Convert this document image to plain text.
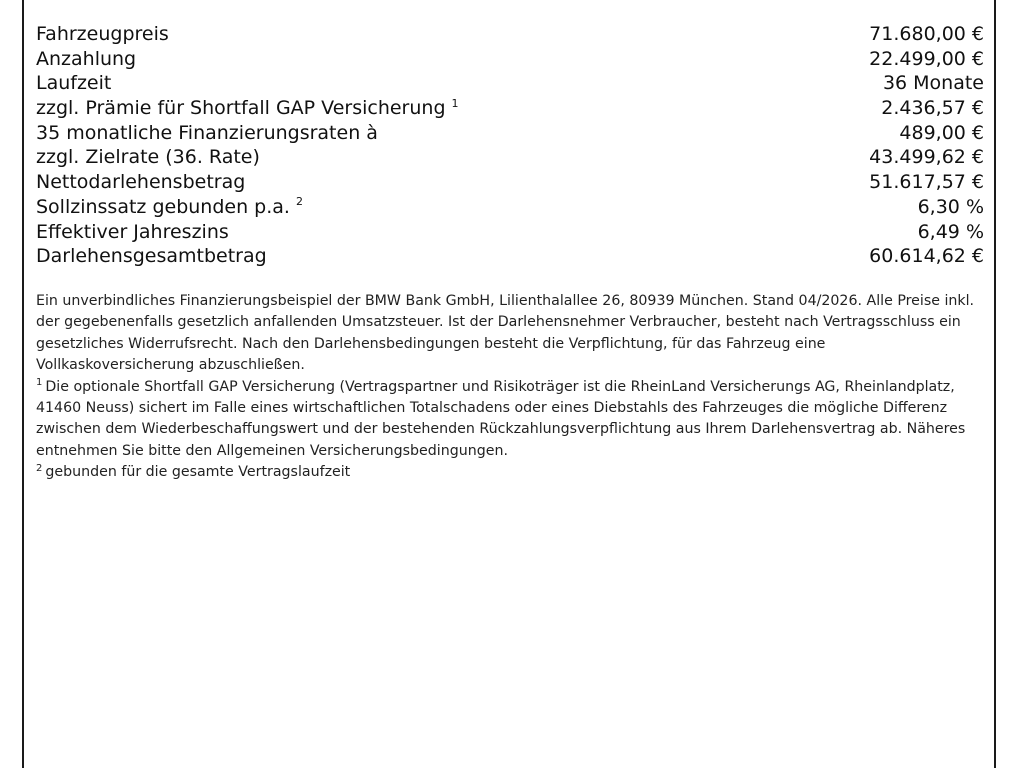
Fahrzeugpreis	71.680,00 €
Anzahlung	22.499,00 €
Laufzeit	36 Monate
zzgl. Prämie für Shortfall GAP Versicherung $^1$	2.436,57 €
35 monatliche Finanzierungsraten à	489,00 €
zzgl. Zielrate (36. Rate)	43.499,62 €
Nettodarlehensbetrag	51.617,57 €
Sollzinssatz gebunden p.a. $^2$	6,30 %
Effektiver Jahreszins	6,49 %
Darlehensgesamtbetrag	60.614,62 €

Ein unverbindliches Finanzierungsbeispiel der BMW Bank GmbH, Lilienthalallee 26, 80939 München. Stand 04/2026. Alle Preise inkl. der gegebenenfalls gesetzlich anfallenden Umsatzsteuer. Ist der Darlehensnehmer Verbraucher, besteht nach Vertragsschluss ein gesetzliches Widerrufsrecht. Nach den Darlehensbedingungen besteht die Verpflichtung, für das Fahrzeug eine Vollkaskoversicherung abzuschließen.

$^1$ Die optionale Shortfall GAP Versicherung (Vertragspartner und Risikoträger ist die RheinLand Versicherungs AG, Rheinlandplatz, 41460 Neuss) sichert im Falle eines wirtschaftlichen Totalschadens oder eines Diebstahls des Fahrzeuges die mögliche Differenz zwischen dem Wiederbeschaffungswert und der bestehenden Rückzahlungsverpflichtung aus Ihrem Darlehensvertrag ab. Näheres entnehmen Sie bitte den Allgemeinen Versicherungsbedingungen.

$^2$ gebunden für die gesamte Vertragslaufzeit
